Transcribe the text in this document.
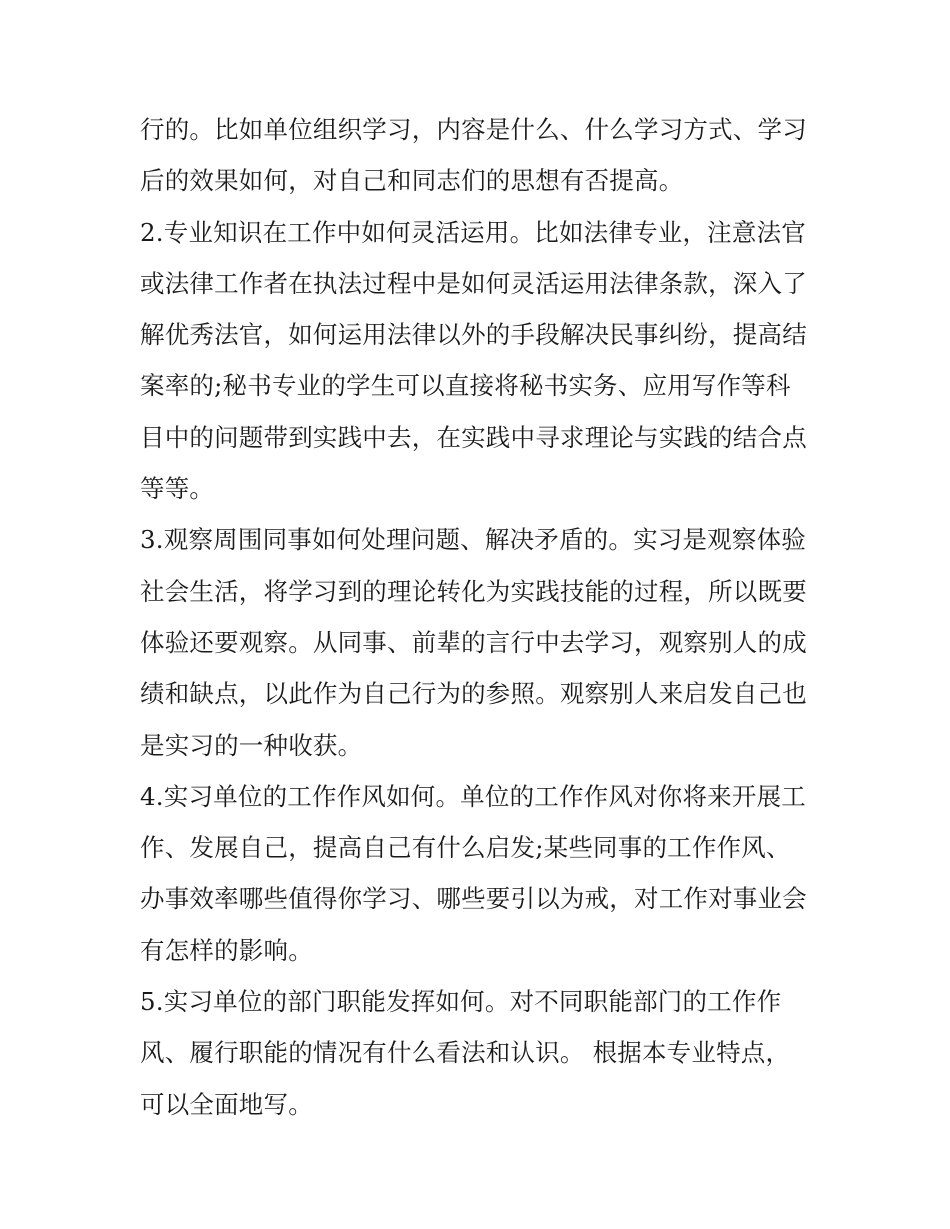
行的。比如单位组织学习，内容是什么、什么学习方式、学习
后的效果如何，对自己和同志们的思想有否提高。
2.专业知识在工作中如何灵活运用。比如法律专业，注意法官
或法律工作者在执法过程中是如何灵活运用法律条款，深入了
解优秀法官，如何运用法律以外的手段解决民事纠纷，提高结
案率的;秘书专业的学生可以直接将秘书实务、应用写作等科
目中的问题带到实践中去，在实践中寻求理论与实践的结合点
等等。
3.观察周围同事如何处理问题、解决矛盾的。实习是观察体验
社会生活，将学习到的理论转化为实践技能的过程，所以既要
体验还要观察。从同事、前辈的言行中去学习，观察别人的成
绩和缺点，以此作为自己行为的参照。观察别人来启发自己也
是实习的一种收获。
4.实习单位的工作作风如何。单位的工作作风对你将来开展工
作、发展自己，提高自己有什么启发;某些同事的工作作风、
办事效率哪些值得你学习、哪些要引以为戒，对工作对事业会
有怎样的影响。
5.实习单位的部门职能发挥如何。对不同职能部门的工作作
风、履行职能的情况有什么看法和认识。 根据本专业特点，
可以全面地写。
